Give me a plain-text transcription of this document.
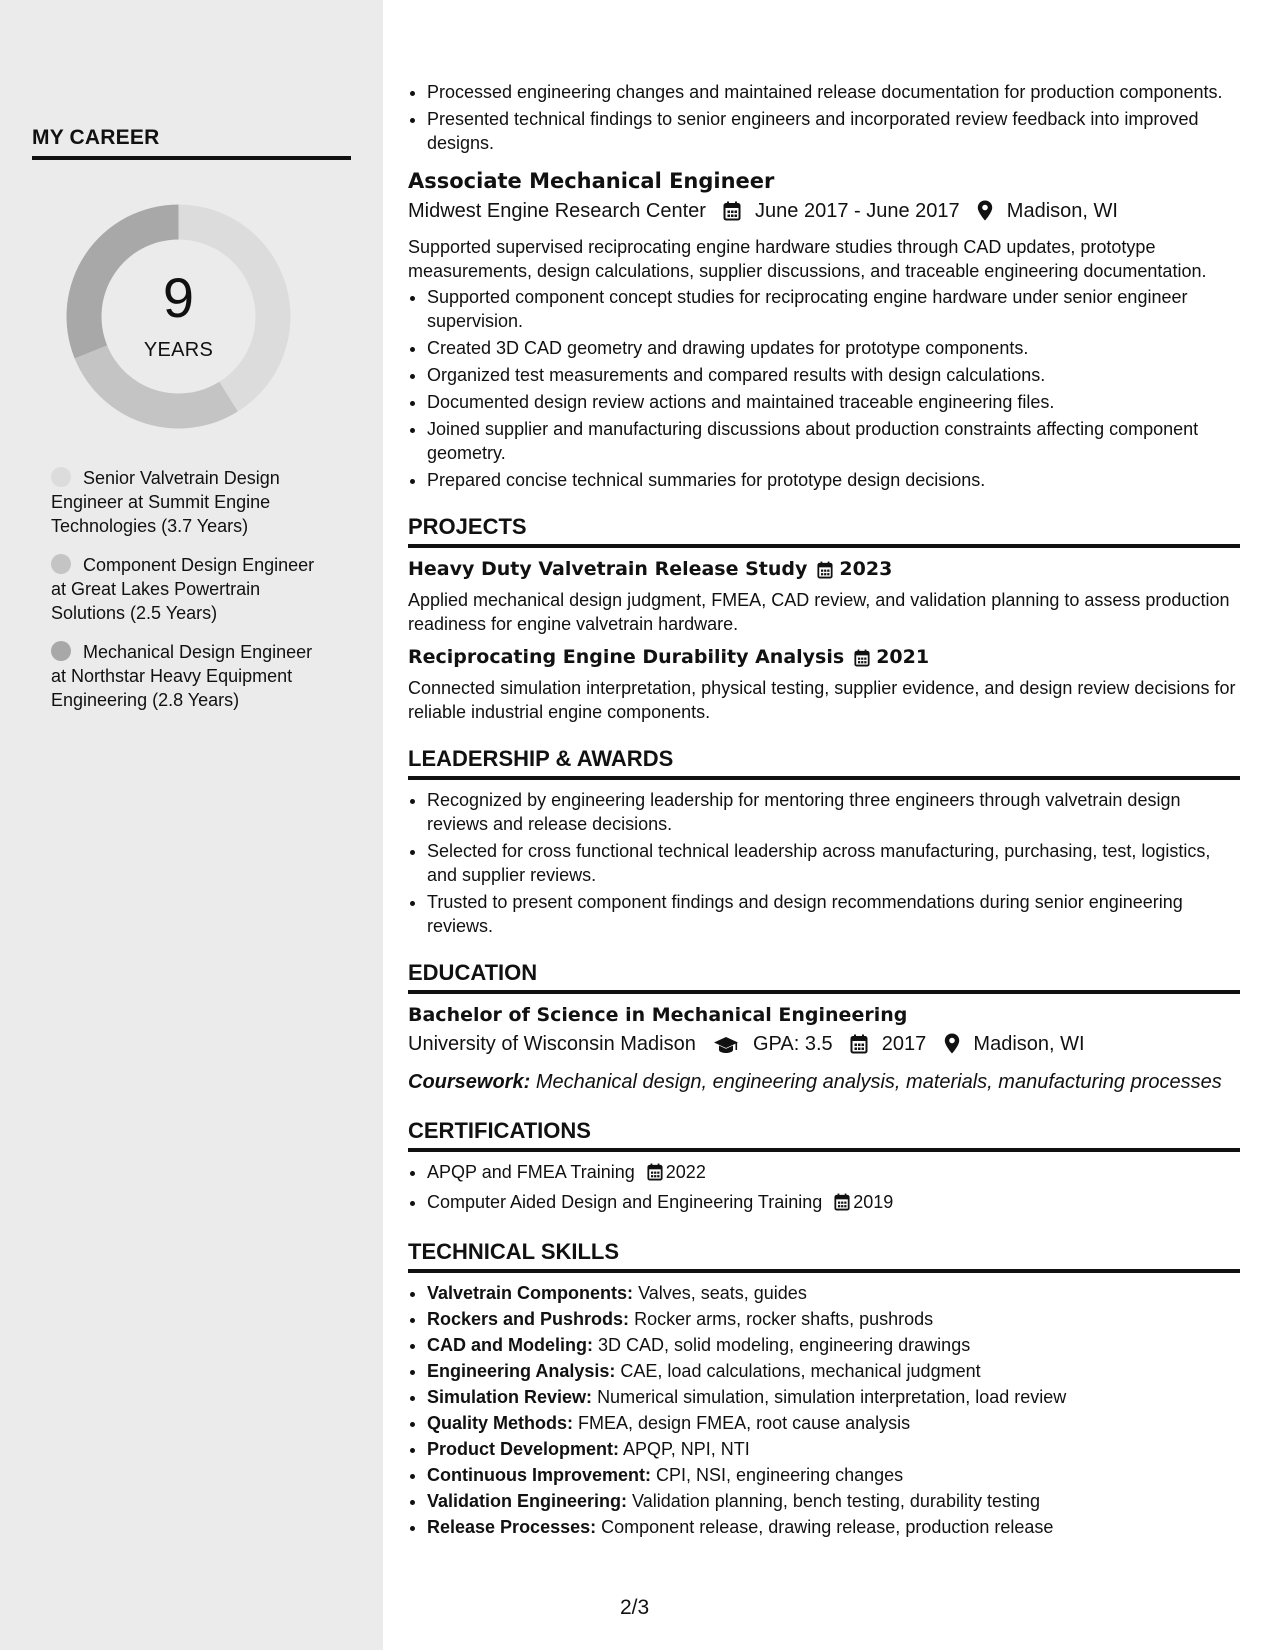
MY CAREER
9
YEARS
Senior Valvetrain Design Engineer at Summit Engine Technologies (3.7 Years)
Component Design Engineer at Great Lakes Powertrain Solutions (2.5 Years)
Mechanical Design Engineer at Northstar Heavy Equipment Engineering (2.8 Years)
• Processed engineering changes and maintained release documentation for production components.
• Presented technical findings to senior engineers and incorporated review feedback into improved designs.
Associate Mechanical Engineer
Midwest Engine Research Center June 2017 - June 2017 Madison, WI
Supported supervised reciprocating engine hardware studies through CAD updates, prototype measurements, design calculations, supplier discussions, and traceable engineering documentation.
• Supported component concept studies for reciprocating engine hardware under senior engineer supervision.
• Created 3D CAD geometry and drawing updates for prototype components.
• Organized test measurements and compared results with design calculations.
• Documented design review actions and maintained traceable engineering files.
• Joined supplier and manufacturing discussions about production constraints affecting component geometry.
• Prepared concise technical summaries for prototype design decisions.
PROJECTS
Heavy Duty Valvetrain Release Study 2023
Applied mechanical design judgment, FMEA, CAD review, and validation planning to assess production readiness for engine valvetrain hardware.
Reciprocating Engine Durability Analysis 2021
Connected simulation interpretation, physical testing, supplier evidence, and design review decisions for reliable industrial engine components.
LEADERSHIP & AWARDS
• Recognized by engineering leadership for mentoring three engineers through valvetrain design reviews and release decisions.
• Selected for cross functional technical leadership across manufacturing, purchasing, test, logistics, and supplier reviews.
• Trusted to present component findings and design recommendations during senior engineering reviews.
EDUCATION
Bachelor of Science in Mechanical Engineering
University of Wisconsin Madison	GPA: 3.5 2017 Madison, WI
Coursework: Mechanical design, engineering analysis, materials, manufacturing processes
CERTIFICATIONS
• APQP and FMEA Training 2022
• Computer Aided Design and Engineering Training 2019
TECHNICAL SKILLS
• Valvetrain Components: Valves, seats, guides
• Rockers and Pushrods: Rocker arms, rocker shafts, pushrods
• CAD and Modeling: 3D CAD, solid modeling, engineering drawings
• Engineering Analysis: CAE, load calculations, mechanical judgment
• Simulation Review: Numerical simulation, simulation interpretation, load review
• Quality Methods: FMEA, design FMEA, root cause analysis
• Product Development: APQP, NPI, NTI
• Continuous Improvement: CPI, NSI, engineering changes
• Validation Engineering: Validation planning, bench testing, durability testing
• Release Processes: Component release, drawing release, production release
2/3
